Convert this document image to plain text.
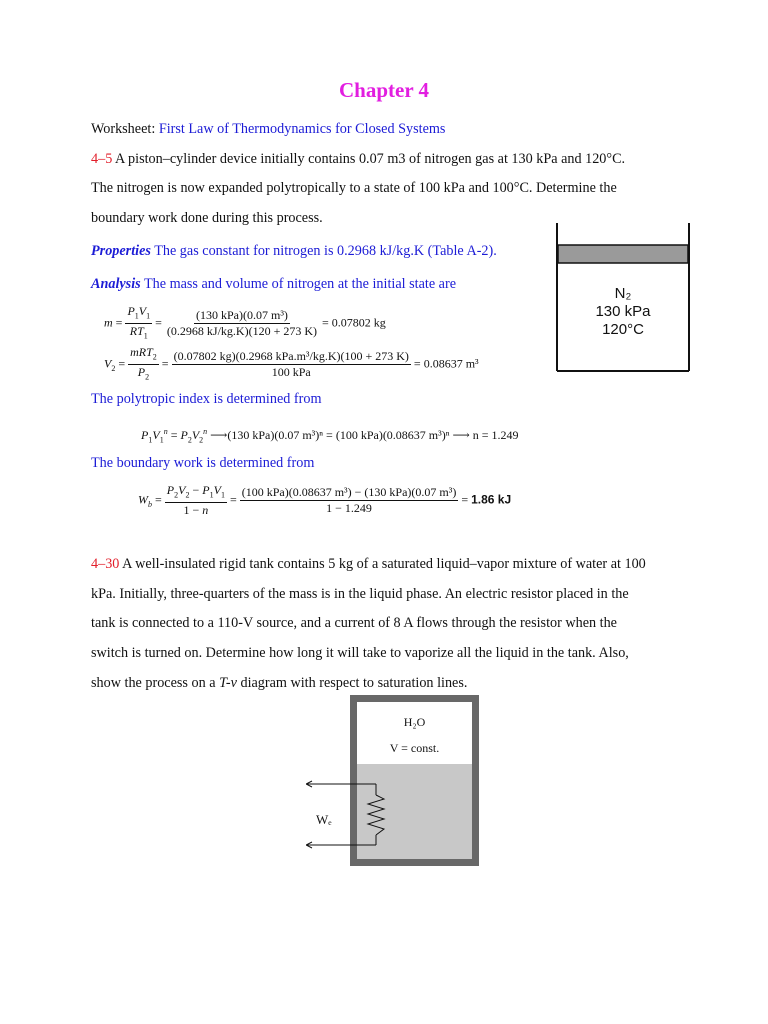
Chapter 4
Worksheet: First Law of Thermodynamics for Closed Systems
4–5 A piston–cylinder device initially contains 0.07 m3 of nitrogen gas at 130 kPa and 120°C.
The nitrogen is now expanded polytropically to a state of 100 kPa and 100°C. Determine the
boundary work done during this process.
Properties The gas constant for nitrogen is 0.2968 kJ/kg.K (Table A-2).
Analysis The mass and volume of nitrogen at the initial state are
$m = \frac{P_1V_1}{RT_1} = \frac{\text{(130 kPa)(0.07 m³)}}{(0.2968 kJ/kg.K)(120 + 273 K)} = 0.07802$ kg
$V_2 = \frac{mRT_2}{P_2} = \frac{\text{(0.07802 kg)(0.2968 kPa.m³/kg.K)(100 + 273 K)}}{\text{100 kPa}} = 0.08637$ m³
The polytropic index is determined from
$P_1V_1^n = P_2V_2^n$ ⟶(130 kPa)(0.07 m³)ⁿ = (100 kPa)(0.08637 m³)ⁿ ⟶ n = 1.249
The boundary work is determined from
$W_b = \frac{P_2V_2 - P_1V_1}{1 - n} = \frac{\text{(100 kPa)(0.08637 m³) − (130 kPa)(0.07 m³)}}{1 - 1.249} = 1.86$ kJ
N₂
130 kPa
120°C
4–30 A well-insulated rigid tank contains 5 kg of a saturated liquid–vapor mixture of water at 100
kPa. Initially, three-quarters of the mass is in the liquid phase. An electric resistor placed in the
tank is connected to a 110-V source, and a current of 8 A flows through the resistor when the
switch is turned on. Determine how long it will take to vaporize all the liquid in the tank. Also,
show the process on a T-v diagram with respect to saturation lines.
H₂O
V = const.
Wₑ
